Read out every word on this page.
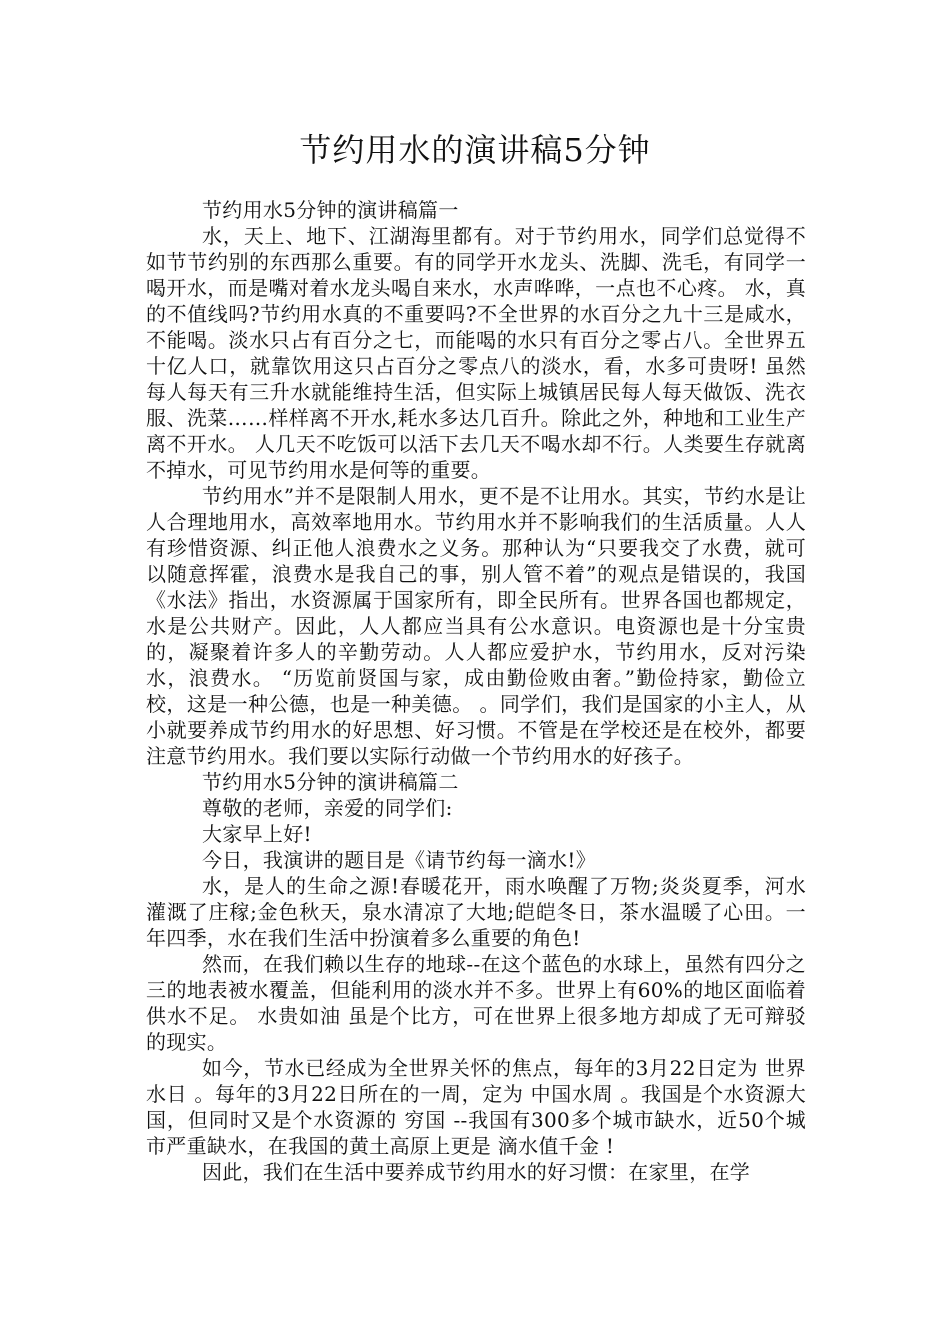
节约用水的演讲稿5分钟

节约用水5分钟的演讲稿篇一

水，天上、地下、江湖海里都有。对于节约用水，同学们总觉得不如节节约别的东西那么重要。有的同学开水龙头、洗脚、洗毛，有同学一喝开水，而是嘴对着水龙头喝自来水，水声哗哗，一点也不心疼。 水，真的不值线吗?节约用水真的不重要吗?不全世界的水百分之九十三是咸水，不能喝。淡水只占有百分之七，而能喝的水只有百分之零占八。全世界五十亿人口，就靠饮用这只占百分之零点八的淡水，看，水多可贵呀! 虽然每人每天有三升水就能维持生活，但实际上城镇居民每人每天做饭、洗衣服、洗菜……样样离不开水,耗水多达几百升。除此之外，种地和工业生产离不开水。 人几天不吃饭可以活下去几天不喝水却不行。人类要生存就离不掉水，可见节约用水是何等的重要。

节约用水”并不是限制人用水，更不是不让用水。其实，节约水是让人合理地用水，高效率地用水。节约用水并不影响我们的生活质量。人人有珍惜资源、纠正他人浪费水之义务。那种认为“只要我交了水费，就可以随意挥霍，浪费水是我自己的事，别人管不着”的观点是错误的，我国《水法》指出，水资源属于国家所有，即全民所有。世界各国也都规定，水是公共财产。因此，人人都应当具有公水意识。电资源也是十分宝贵的，凝聚着许多人的辛勤劳动。人人都应爱护水，节约用水，反对污染水，浪费水。 “历览前贤国与家，成由勤俭败由奢。”勤俭持家，勤俭立校，这是一种公德，也是一种美德。 。同学们，我们是国家的小主人，从小就要养成节约用水的好思想、好习惯。不管是在学校还是在校外，都要注意节约用水。我们要以实际行动做一个节约用水的好孩子。

节约用水5分钟的演讲稿篇二

尊敬的老师，亲爱的同学们:

大家早上好!

今日，我演讲的题目是《请节约每一滴水!》

水，是人的生命之源!春暖花开，雨水唤醒了万物;炎炎夏季，河水灌溉了庄稼;金色秋天，泉水清凉了大地;皑皑冬日，茶水温暖了心田。一年四季，水在我们生活中扮演着多么重要的角色!

然而，在我们赖以生存的地球--在这个蓝色的水球上，虽然有四分之三的地表被水覆盖，但能利用的淡水并不多。世界上有60%的地区面临着供水不足。 水贵如油 虽是个比方，可在世界上很多地方却成了无可辩驳的现实。

如今，节水已经成为全世界关怀的焦点，每年的3月22日定为 世界水日 。每年的3月22日所在的一周，定为 中国水周 。我国是个水资源大国，但同时又是个水资源的 穷国 --我国有300多个城市缺水，近50个城市严重缺水，在我国的黄土高原上更是 滴水值千金 !

因此，我们在生活中要养成节约用水的好习惯：在家里，在学
